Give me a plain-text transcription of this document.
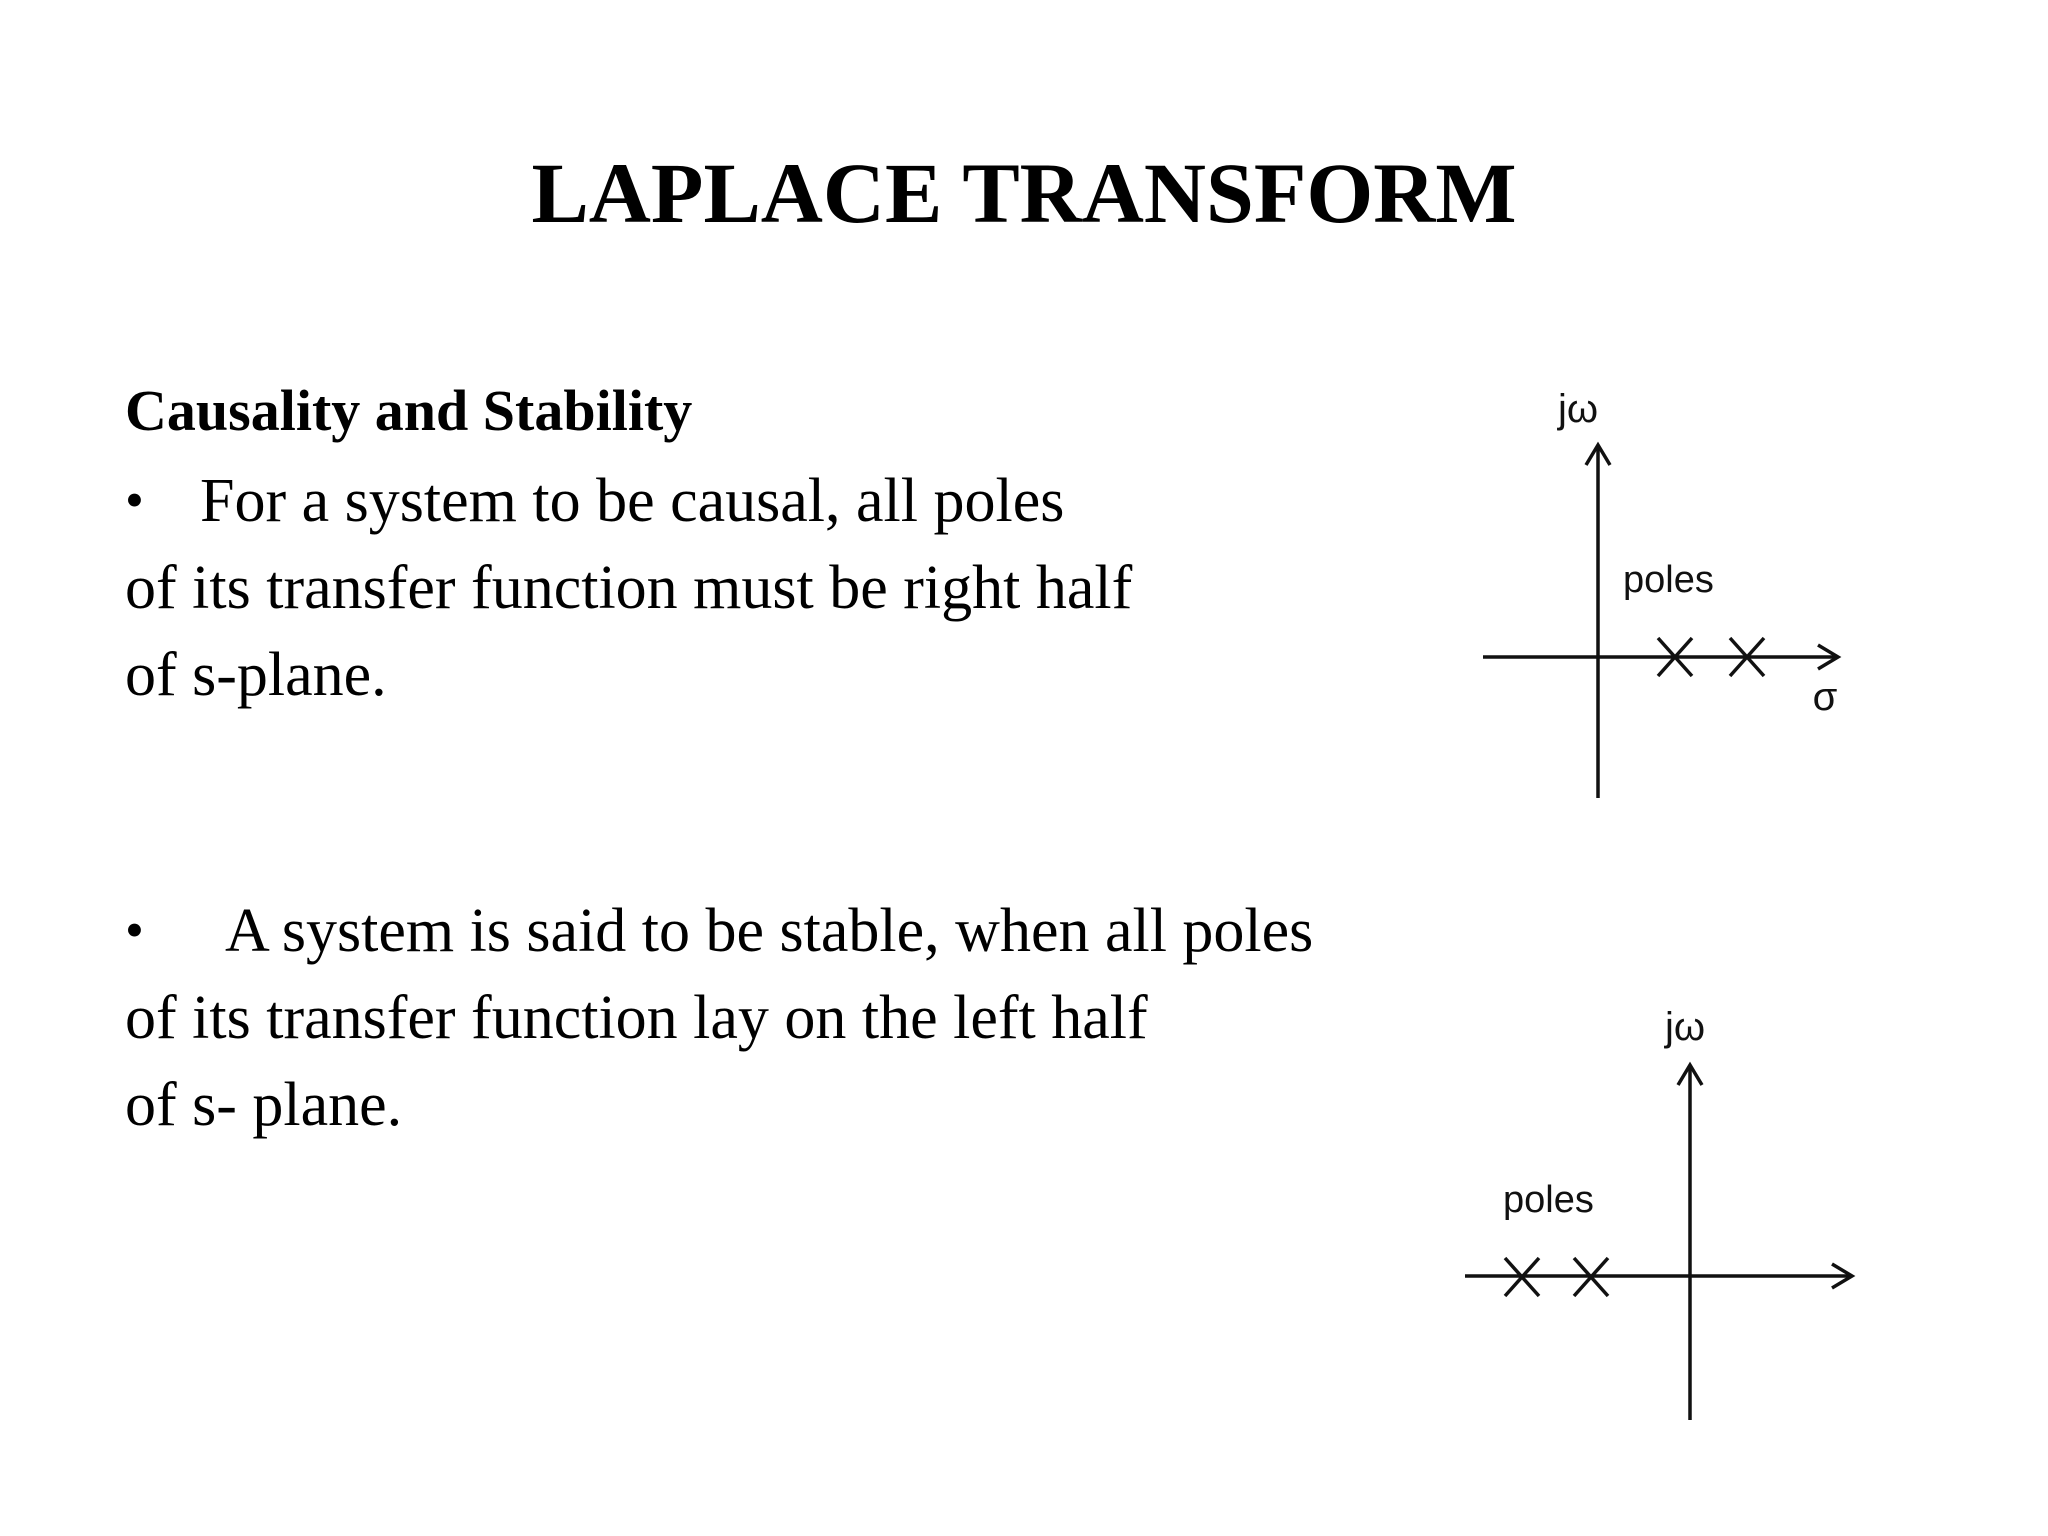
LAPLACE TRANSFORM
Causality and Stability
• For a system to be causal, all poles
of its transfer function must be right half
of s-plane.
• A system is said to be stable, when all poles
of its transfer function lay on the left half
of s- plane.
jω
poles
σ
jω
poles
